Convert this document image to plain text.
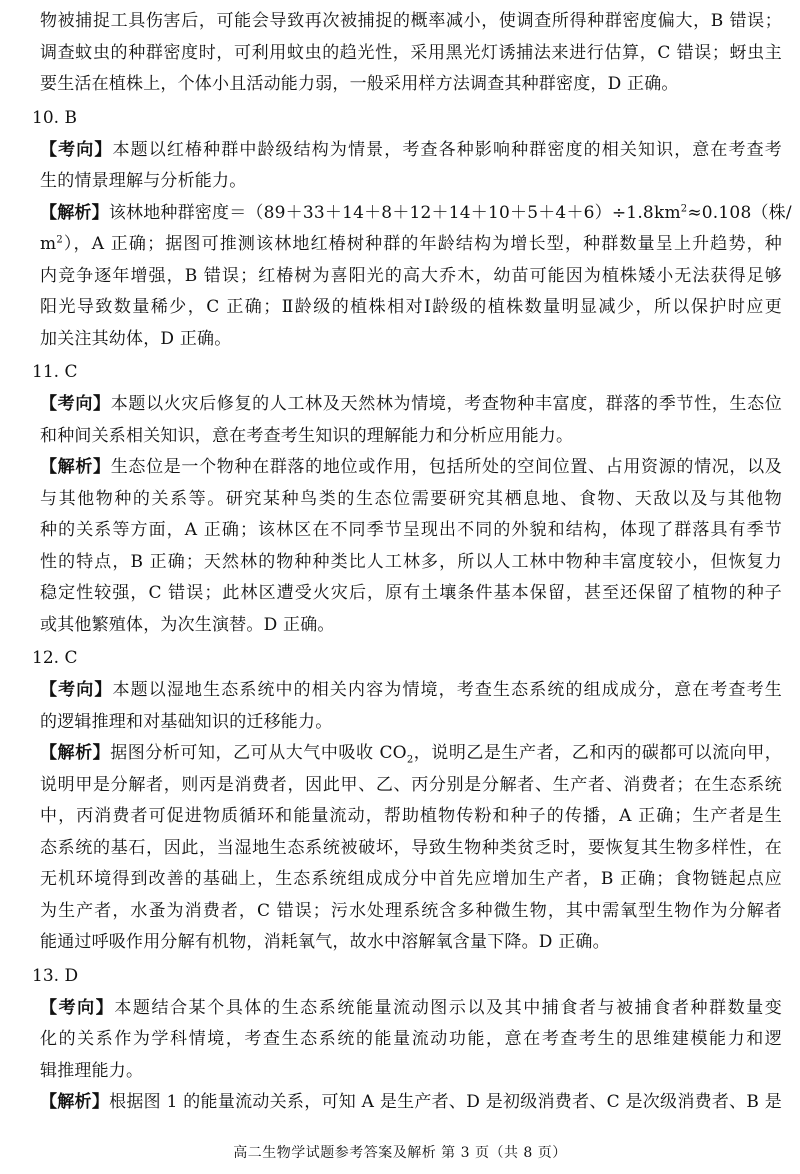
物被捕捉工具伤害后，可能会导致再次被捕捉的概率减小，使调查所得种群密度偏大，B 错误；
调查蚊虫的种群密度时，可利用蚊虫的趋光性，采用黑光灯诱捕法来进行估算，C 错误；蚜虫主
要生活在植株上，个体小且活动能力弱，一般采用样方法调查其种群密度，D 正确。
10. B
【考向】本题以红椿种群中龄级结构为情景，考查各种影响种群密度的相关知识，意在考查考
生的情景理解与分析能力。
【解析】该林地种群密度$=(89+33+14+8+12+14+10+5+4+6)\div 1.8km^2\approx 0.108$（株/
$m^2$），A 正确；据图可推测该林地红椿树种群的年龄结构为增长型，种群数量呈上升趋势，种
内竞争逐年增强，B 错误；红椿树为喜阳光的高大乔木，幼苗可能因为植株矮小无法获得足够
阳光导致数量稀少，C 正确；Ⅱ龄级的植株相对Ⅰ龄级的植株数量明显减少，所以保护时应更
加关注其幼体，D 正确。
11. C
【考向】本题以火灾后修复的人工林及天然林为情境，考查物种丰富度，群落的季节性，生态位
和种间关系相关知识，意在考查考生知识的理解能力和分析应用能力。
【解析】生态位是一个物种在群落的地位或作用，包括所处的空间位置、占用资源的情况，以及
与其他物种的关系等。研究某种鸟类的生态位需要研究其栖息地、食物、天敌以及与其他物
种的关系等方面，A 正确；该林区在不同季节呈现出不同的外貌和结构，体现了群落具有季节
性的特点，B 正确；天然林的物种种类比人工林多，所以人工林中物种丰富度较小，但恢复力
稳定性较强，C 错误；此林区遭受火灾后，原有土壤条件基本保留，甚至还保留了植物的种子
或其他繁殖体，为次生演替。D 正确。
12. C
【考向】本题以湿地生态系统中的相关内容为情境，考查生态系统的组成成分，意在考查考生
的逻辑推理和对基础知识的迁移能力。
【解析】据图分析可知，乙可从大气中吸收 $CO_2$，说明乙是生产者，乙和丙的碳都可以流向甲，
说明甲是分解者，则丙是消费者，因此甲、乙、丙分别是分解者、生产者、消费者；在生态系统
中，丙消费者可促进物质循环和能量流动，帮助植物传粉和种子的传播，A 正确；生产者是生
态系统的基石，因此，当湿地生态系统被破坏，导致生物种类贫乏时，要恢复其生物多样性，在
无机环境得到改善的基础上，生态系统组成成分中首先应增加生产者，B 正确；食物链起点应
为生产者，水蚤为消费者，C 错误；污水处理系统含多种微生物，其中需氧型生物作为分解者
能通过呼吸作用分解有机物，消耗氧气，故水中溶解氧含量下降。D 正确。
13. D
【考向】本题结合某个具体的生态系统能量流动图示以及其中捕食者与被捕食者种群数量变
化的关系作为学科情境，考查生态系统的能量流动功能，意在考查考生的思维建模能力和逻
辑推理能力。
【解析】根据图 1 的能量流动关系，可知 A 是生产者、D 是初级消费者、C 是次级消费者、B 是
高二生物学试题参考答案及解析 第 3 页（共 8 页）
